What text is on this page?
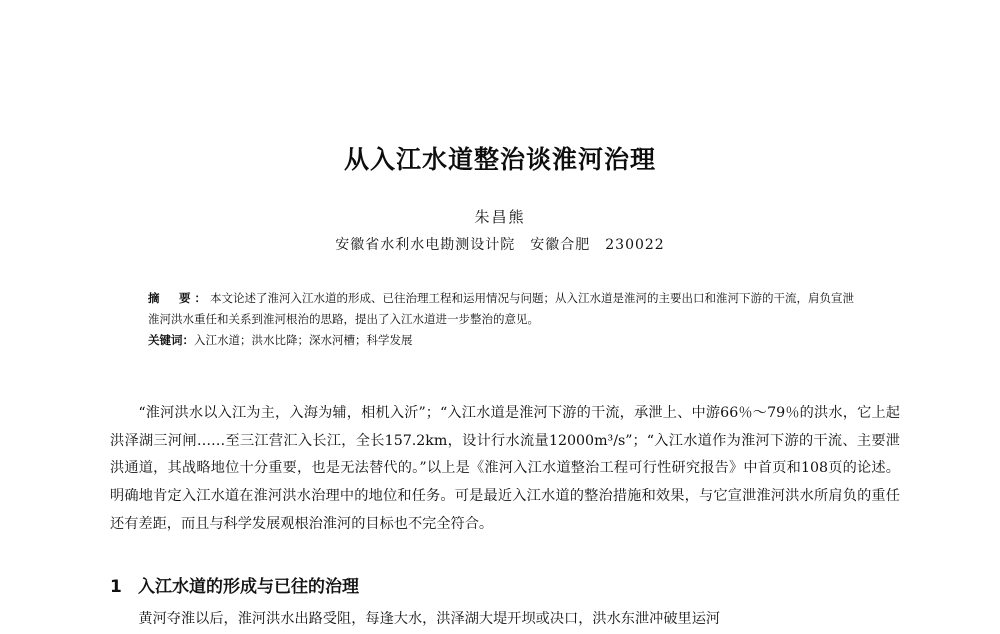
从入江水道整治谈淮河治理
朱昌熊
安徽省水利水电勘测设计院　安徽合肥　230022

摘　要：本文论述了淮河入江水道的形成、已往治理工程和运用情况与问题；从入江水道是淮河的主要出口和淮河下游的干流，肩负宣泄淮河洪水重任和关系到淮河根治的思路，提出了入江水道进一步整治的意见。

关键词：入江水道；洪水比降；深水河槽；科学发展

“淮河洪水以入江为主，入海为辅，相机入沂”；“入江水道是淮河下游的干流，承泄上、中游66％～79％的洪水，它上起洪泽湖三河闸……至三江营汇入长江，全长157.2km，设计行水流量12000m³/s”；“入江水道作为淮河下游的干流、主要泄洪通道，其战略地位十分重要，也是无法替代的。”以上是《淮河入江水道整治工程可行性研究报告》中首页和108页的论述。明确地肯定入江水道在淮河洪水治理中的地位和任务。可是最近入江水道的整治措施和效果，与它宣泄淮河洪水所肩负的重任还有差距，而且与科学发展观根治淮河的目标也不完全符合。

1 入江水道的形成与已往的治理

黄河夺淮以后，淮河洪水出路受阻，每逢大水，洪泽湖大堤开坝或决口，洪水东泄冲破里运河
